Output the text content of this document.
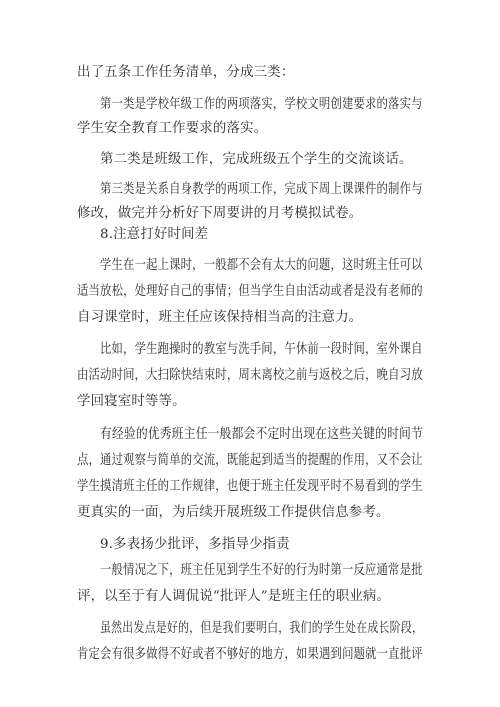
出了五条工作任务清单，分成三类：
第一类是学校年级工作的两项落实，学校文明创建要求的落实与
学生安全教育工作要求的落实。
第二类是班级工作，完成班级五个学生的交流谈话。
第三类是关系自身教学的两项工作，完成下周上课课件的制作与
修改，做完并分析好下周要讲的月考模拟试卷。
8.注意打好时间差
学生在一起上课时，一般都不会有太大的问题，这时班主任可以
适当放松，处理好自己的事情；但当学生自由活动或者是没有老师的
自习课堂时，班主任应该保持相当高的注意力。
比如，学生跑操时的教室与洗手间，午休前一段时间，室外课自
由活动时间，大扫除快结束时，周末离校之前与返校之后，晚自习放
学回寝室时等等。
有经验的优秀班主任一般都会不定时出现在这些关键的时间节
点，通过观察与简单的交流，既能起到适当的提醒的作用，又不会让
学生摸清班主任的工作规律，也便于班主任发现平时不易看到的学生
更真实的一面，为后续开展班级工作提供信息参考。
9.多表扬少批评，多指导少指责
一般情况之下，班主任见到学生不好的行为时第一反应通常是批
评，以至于有人调侃说“批评人”是班主任的职业病。
虽然出发点是好的，但是我们要明白，我们的学生处在成长阶段，
肯定会有很多做得不好或者不够好的地方，如果遇到问题就一直批评
